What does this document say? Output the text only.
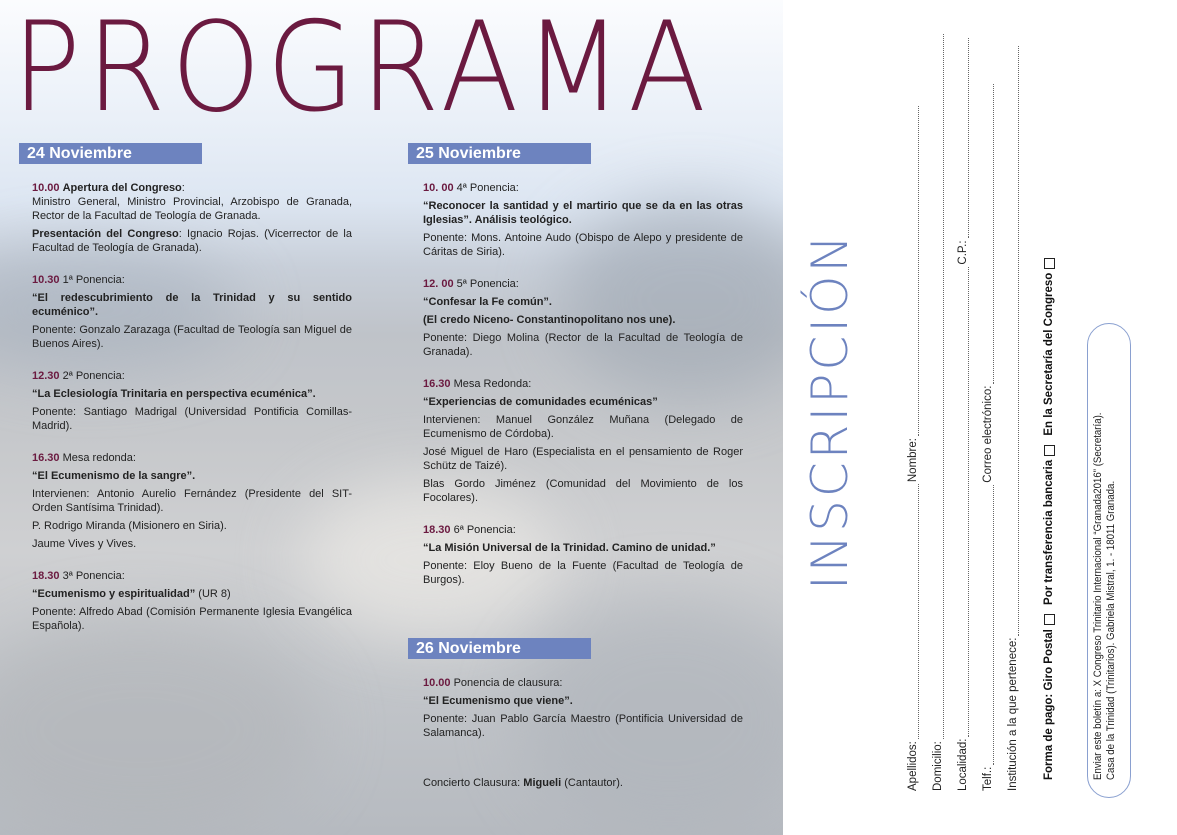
PROGRAMA
24 Noviembre	25 Noviembre
26 Noviembre

10.00 Apertura del Congreso:

Ministro General, Ministro Provincial, Arzobispo de Granada, Rector de la Facultad de Teología de Granada.

Presentación del Congreso: Ignacio Rojas. (Vicerrector de la Facultad de Teología de Granada).

10.30 1ª Ponencia:

“El redescubrimiento de la Trinidad y su sentido ecuménico”.

Ponente: Gonzalo Zarazaga (Facultad de Teología san Miguel de Buenos Aires).

12.30 2ª Ponencia:

“La Eclesiología Trinitaria en perspectiva ecuménica”.

Ponente: Santiago Madrigal (Universidad Pontificia Comillas-Madrid).

16.30 Mesa redonda:

“El Ecumenismo de la sangre”.

Intervienen: Antonio Aurelio Fernández (Presidente del SIT-Orden Santísima Trinidad).

P. Rodrigo Miranda (Misionero en Siria).

Jaume Vives y Vives.

18.30 3ª Ponencia:

“Ecumenismo y espiritualidad” (UR 8)

Ponente: Alfredo Abad (Comisión Permanente Iglesia Evangélica Española).

10. 00 4ª Ponencia:

“Reconocer la santidad y el martirio que se da en las otras Iglesias”. Análisis teológico.

Ponente: Mons. Antoine Audo (Obispo de Alepo y presidente de Cáritas de Siria).

12. 00 5ª Ponencia:

“Confesar la Fe común”.

(El credo Niceno- Constantinopolitano nos une).

Ponente: Diego Molina (Rector de la Facultad de Teología de Granada).

16.30 Mesa Redonda:

“Experiencias de comunidades ecuménicas”

Intervienen: Manuel González Muñana (Delegado de Ecumenismo de Córdoba).

José Miguel de Haro (Especialista en el pensamiento de Roger Schütz de Taizé).

Blas Gordo Jiménez (Comunidad del Movimiento de los Focolares).

18.30 6ª Ponencia:

“La Misión Universal de la Trinidad. Camino de unidad.”

Ponente: Eloy Bueno de la Fuente (Facultad de Teología de Burgos).

10.00 Ponencia de clausura:

“El Ecumenismo que viene”.

Ponente: Juan Pablo García Maestro (Pontificia Universidad de Salamanca).

Concierto Clausura: Migueli (Cantautor).

INSCRIPCIÓN
Apellidos:
Nombre:
Domicilio: Localidad:
C.P.:
Telf.:
Correo electrónico:
Institución a la que pertenece: Forma de pago: Giro Postal Por transferencia bancaria En la Secretaría del Congreso
Enviar este boletín a: X Congreso Trinitario Internacional “Granada2016” (Secretaría). Casa de la Trinidad (Trinitarios). Gabriela Mistral, 1. - 18011 Granada.
